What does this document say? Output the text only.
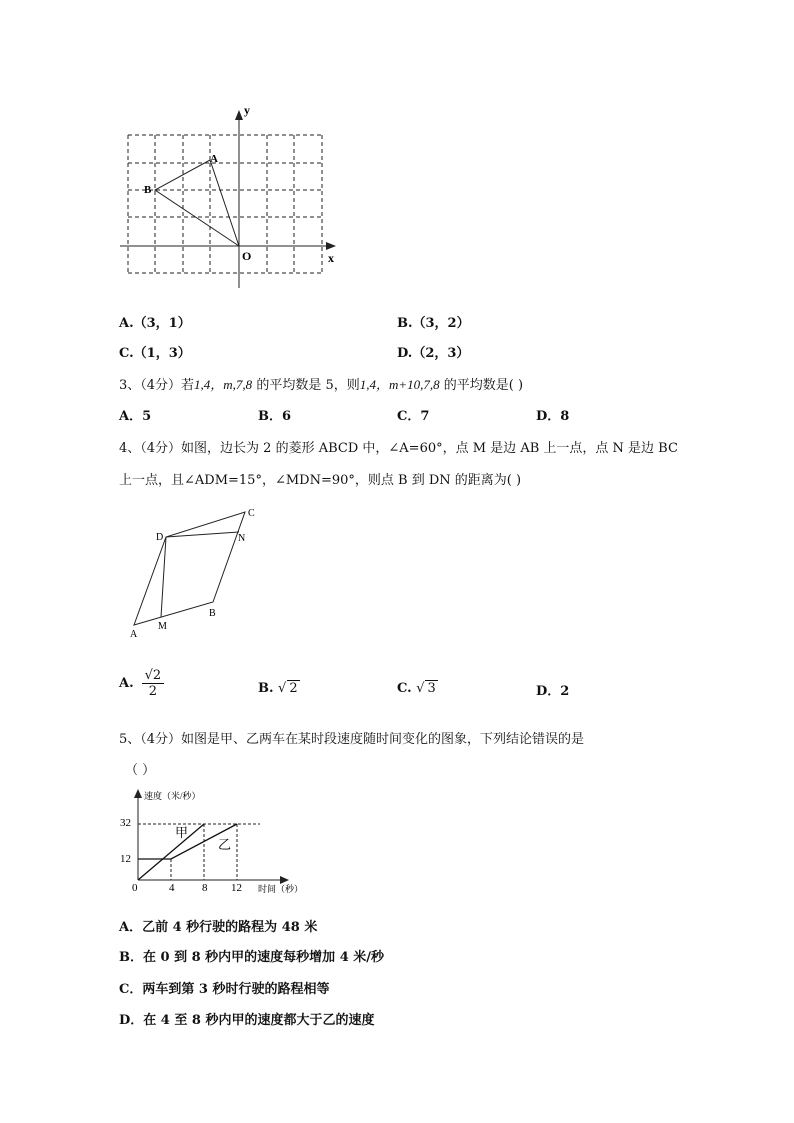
y
x
O
A
B
A.（3，1）	B.（3，2）
C.（1，3）	D.（2，3）
3、（4分）若1,4，m,7,8 的平均数是 5，则1,4，m+10,7,8 的平均数是( )
A．5	B．6	C．7	D．8
4、（4分）如图，边长为 2 的菱形 ABCD 中，∠A=60°，点 M 是边 AB 上一点，点 N 是边 BC
上一点，且∠ADM=15°，∠MDN=90°，则点 B 到 DN 的距离为( )
A
B
C
D
M
N
A. $\frac{√2}{2}$	B. √ 2	C. √ 3	D．2
5、（4分）如图是甲、乙两车在某时段速度随时间变化的图象，下列结论错误的是
（ ）
速度（米/秒）
时间（秒）
0	4	8 12
12
32
甲
乙
A．乙前 4 秒行驶的路程为 48 米
B．在 0 到 8 秒内甲的速度每秒增加 4 米/秒
C．两车到第 3 秒时行驶的路程相等
D．在 4 至 8 秒内甲的速度都大于乙的速度
